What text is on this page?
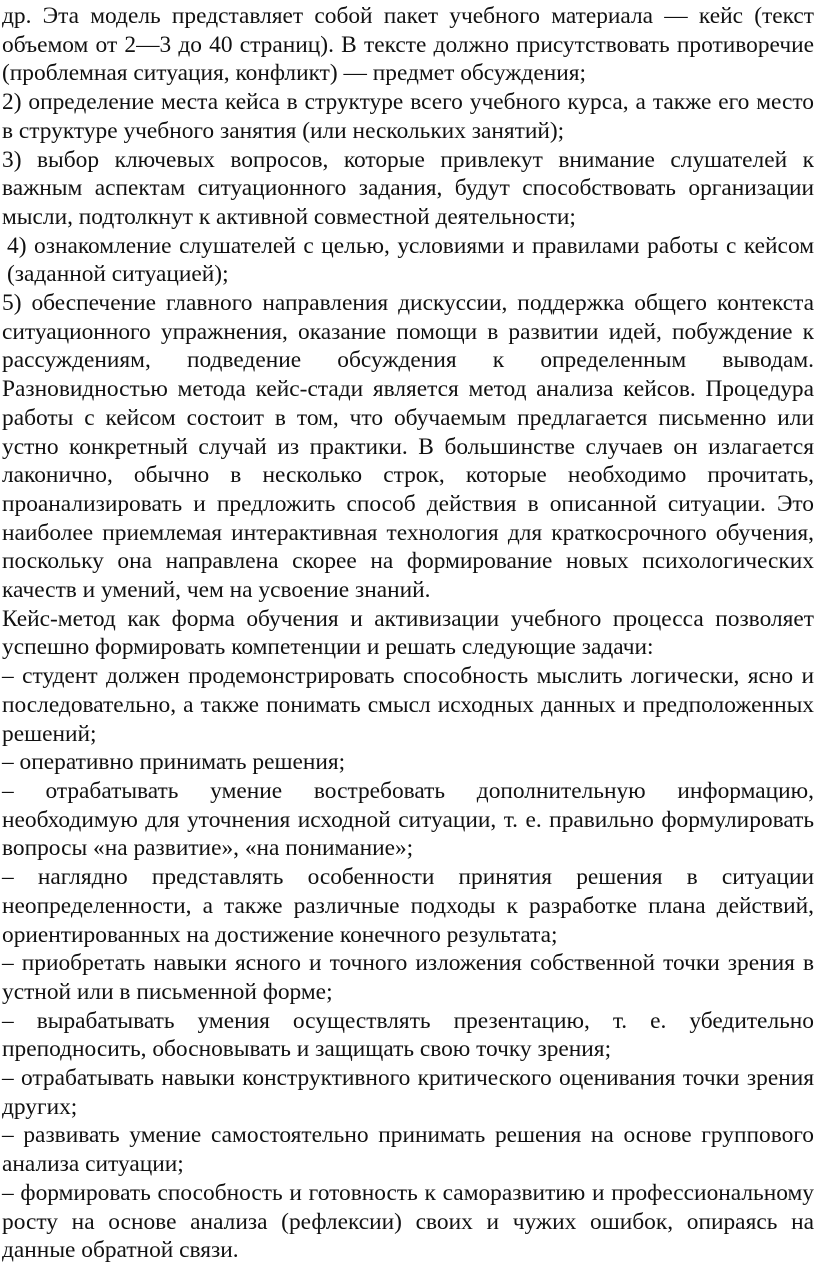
др. Эта модель представляет собой пакет учебного материала — кейс (текст объемом от 2—3 до 40 страниц). В тексте должно присутствовать противоречие (проблемная ситуация, конфликт) — предмет обсуждения;

2) определение места кейса в структуре всего учебного курса, а также его место в структуре учебного занятия (или нескольких занятий);

3) выбор ключевых вопросов, которые привлекут внимание слушателей к важным аспектам ситуационного задания, будут способствовать организации мысли, подтолкнут к активной совместной деятельности;

4) ознакомление слушателей с целью, условиями и правилами работы с кейсом (заданной ситуацией);

5) обеспечение главного направления дискуссии, поддержка общего контекста ситуационного упражнения, оказание помощи в развитии идей, побуждение к рассуждениям, подведение обсуждения к определенным выводам. Разновидностью метода кейс-стади является метод анализа кейсов. Процедура работы с кейсом состоит в том, что обучаемым предлагается письменно или устно конкретный случай из практики. В большинстве случаев он излагается лаконично, обычно в несколько строк, которые необходимо прочитать, проанализировать и предложить способ действия в описанной ситуации. Это наиболее приемлемая интерактивная технология для краткосрочного обучения, поскольку она направлена скорее на формирование новых психологических качеств и умений, чем на усвоение знаний.

Кейс-метод как форма обучения и активизации учебного процесса позволяет успешно формировать компетенции и решать следующие задачи:

– студент должен продемонстрировать способность мыслить логически, ясно и последовательно, а также понимать смысл исходных данных и предположенных решений;

– оперативно принимать решения;

– отрабатывать умение востребовать дополнительную информацию, необходимую для уточнения исходной ситуации, т. е. правильно формулировать вопросы «на развитие», «на понимание»;

– наглядно представлять особенности принятия решения в ситуации неопределенности, а также различные подходы к разработке плана действий, ориентированных на достижение конечного результата;

– приобретать навыки ясного и точного изложения собственной точки зрения в устной или в письменной форме;

– вырабатывать умения осуществлять презентацию, т. е. убедительно преподносить, обосновывать и защищать свою точку зрения;

– отрабатывать навыки конструктивного критического оценивания точки зрения других;

– развивать умение самостоятельно принимать решения на основе группового анализа ситуации;

– формировать способность и готовность к саморазвитию и профессиональному росту на основе анализа (рефлексии) своих и чужих ошибок, опираясь на данные обратной связи.
